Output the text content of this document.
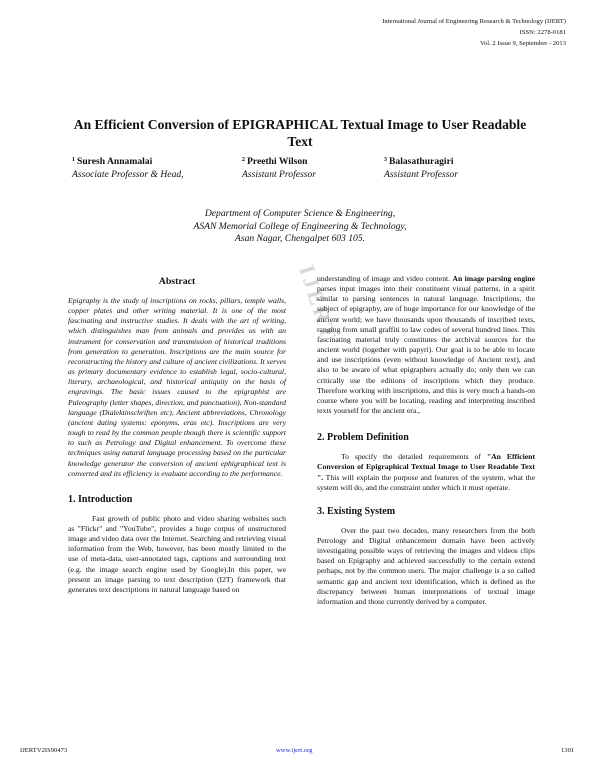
International Journal of Engineering Research & Technology (IJERT)
ISSN: 2278-0181
Vol. 2 Issue 9, September - 2013
IJERT
An Efficient Conversion of EPIGRAPHICAL Textual Image to User Readable Text
$^1$ Suresh Annamalai
Associate Professor & Head,
$^2$ Preethi Wilson
Assistant Professor
$^3$ Balasathuragiri
Assistant Professor
Department of Computer Science & Engineering,
ASAN Memorial College of Engineering & Technology,
Asan Nagar, Chengalpet 603 105.
Abstract

Epigraphy is the study of inscriptions on rocks, pillars, temple walls, copper plates and other writing material. It is one of the most fascinating and instructive studies. It deals with the art of writing, which distinguishes man from animals and provides us with an instrument for conservation and transmission of historical traditions from generation to generation. Inscriptions are the main source for reconstructing the history and culture of ancient civilizations. It serves as primary documentary evidence to establish legal, socio-cultural, literary, archaeological, and historical antiquity on the basis of engravings. The basic issues caused to the epigraphist are Paleography (letter shapes, direction, and punctuation), Non-standard language (Dialektinschriften etc), Ancient abbreviations, Chronology (ancient dating systems: eponyms, eras etc). Inscriptions are very tough to read by the common people though there is scientific support to such as Petrology and Digital enhancement. To overcome these techniques using natural language processing based on the particular knowledge generator the conversion of ancient ephigraphical text is converted and its efficiency is evaluate according to the performance.

1. Introduction

Fast growth of public photo and video sharing websites such as "Flickr" and "YouTube", provides a huge corpus of unstructured image and video data over the Internet. Searching and retrieving visual information from the Web, however, has been mostly limited to the use of meta-data, user-annotated tags, captions and surrounding text (e.g. the image search engine used by Google).In this paper, we present an image parsing to text description (I2T) framework that generates text descriptions in natural language based on

understanding of image and video content. An image parsing engine parses input images into their constituent visual patterns, in a spirit similar to parsing sentences in natural language. Inscriptions, the subject of epigraphy, are of huge importance for our knowledge of the ancient world; we have thousands upon thousands of inscribed texts, ranging from small graffiti to law codes of several hundred lines. This fascinating material truly constitutes the archival sources for the ancient world (together with papyri). Our goal is to be able to locate and use inscriptions (even without knowledge of Ancient text), and also to be aware of what epigraphers actually do; only then we can critically use the editions of inscriptions which they produce. Therefore working with inscriptions, and this is very much a hands-on course where you will be locating, reading and interpreting inscribed texts yourself for the ancient era.,

2. Problem Definition

To specify the detailed requirements of "An Efficient Conversion of Epigraphical Textual Image to User Readable Text ". This will explain the purpose and features of the system, what the system will do, and the constraint under which it must operate.

3. Existing System

Over the past two decades, many researchers from the both Petrology and Digital enhancement domain have been actively investigating possible ways of retrieving the images and videos clips based on Epigraphy and achieved successfully to the certain extend perhaps, not by the common users. The major challenge is a so called semantic gap and ancient text identification, which is defined as the discrepancy between human interpretations of textual image information and those currently derived by a computer.

IJERTV2IS90473	www.ijert.org	1301
